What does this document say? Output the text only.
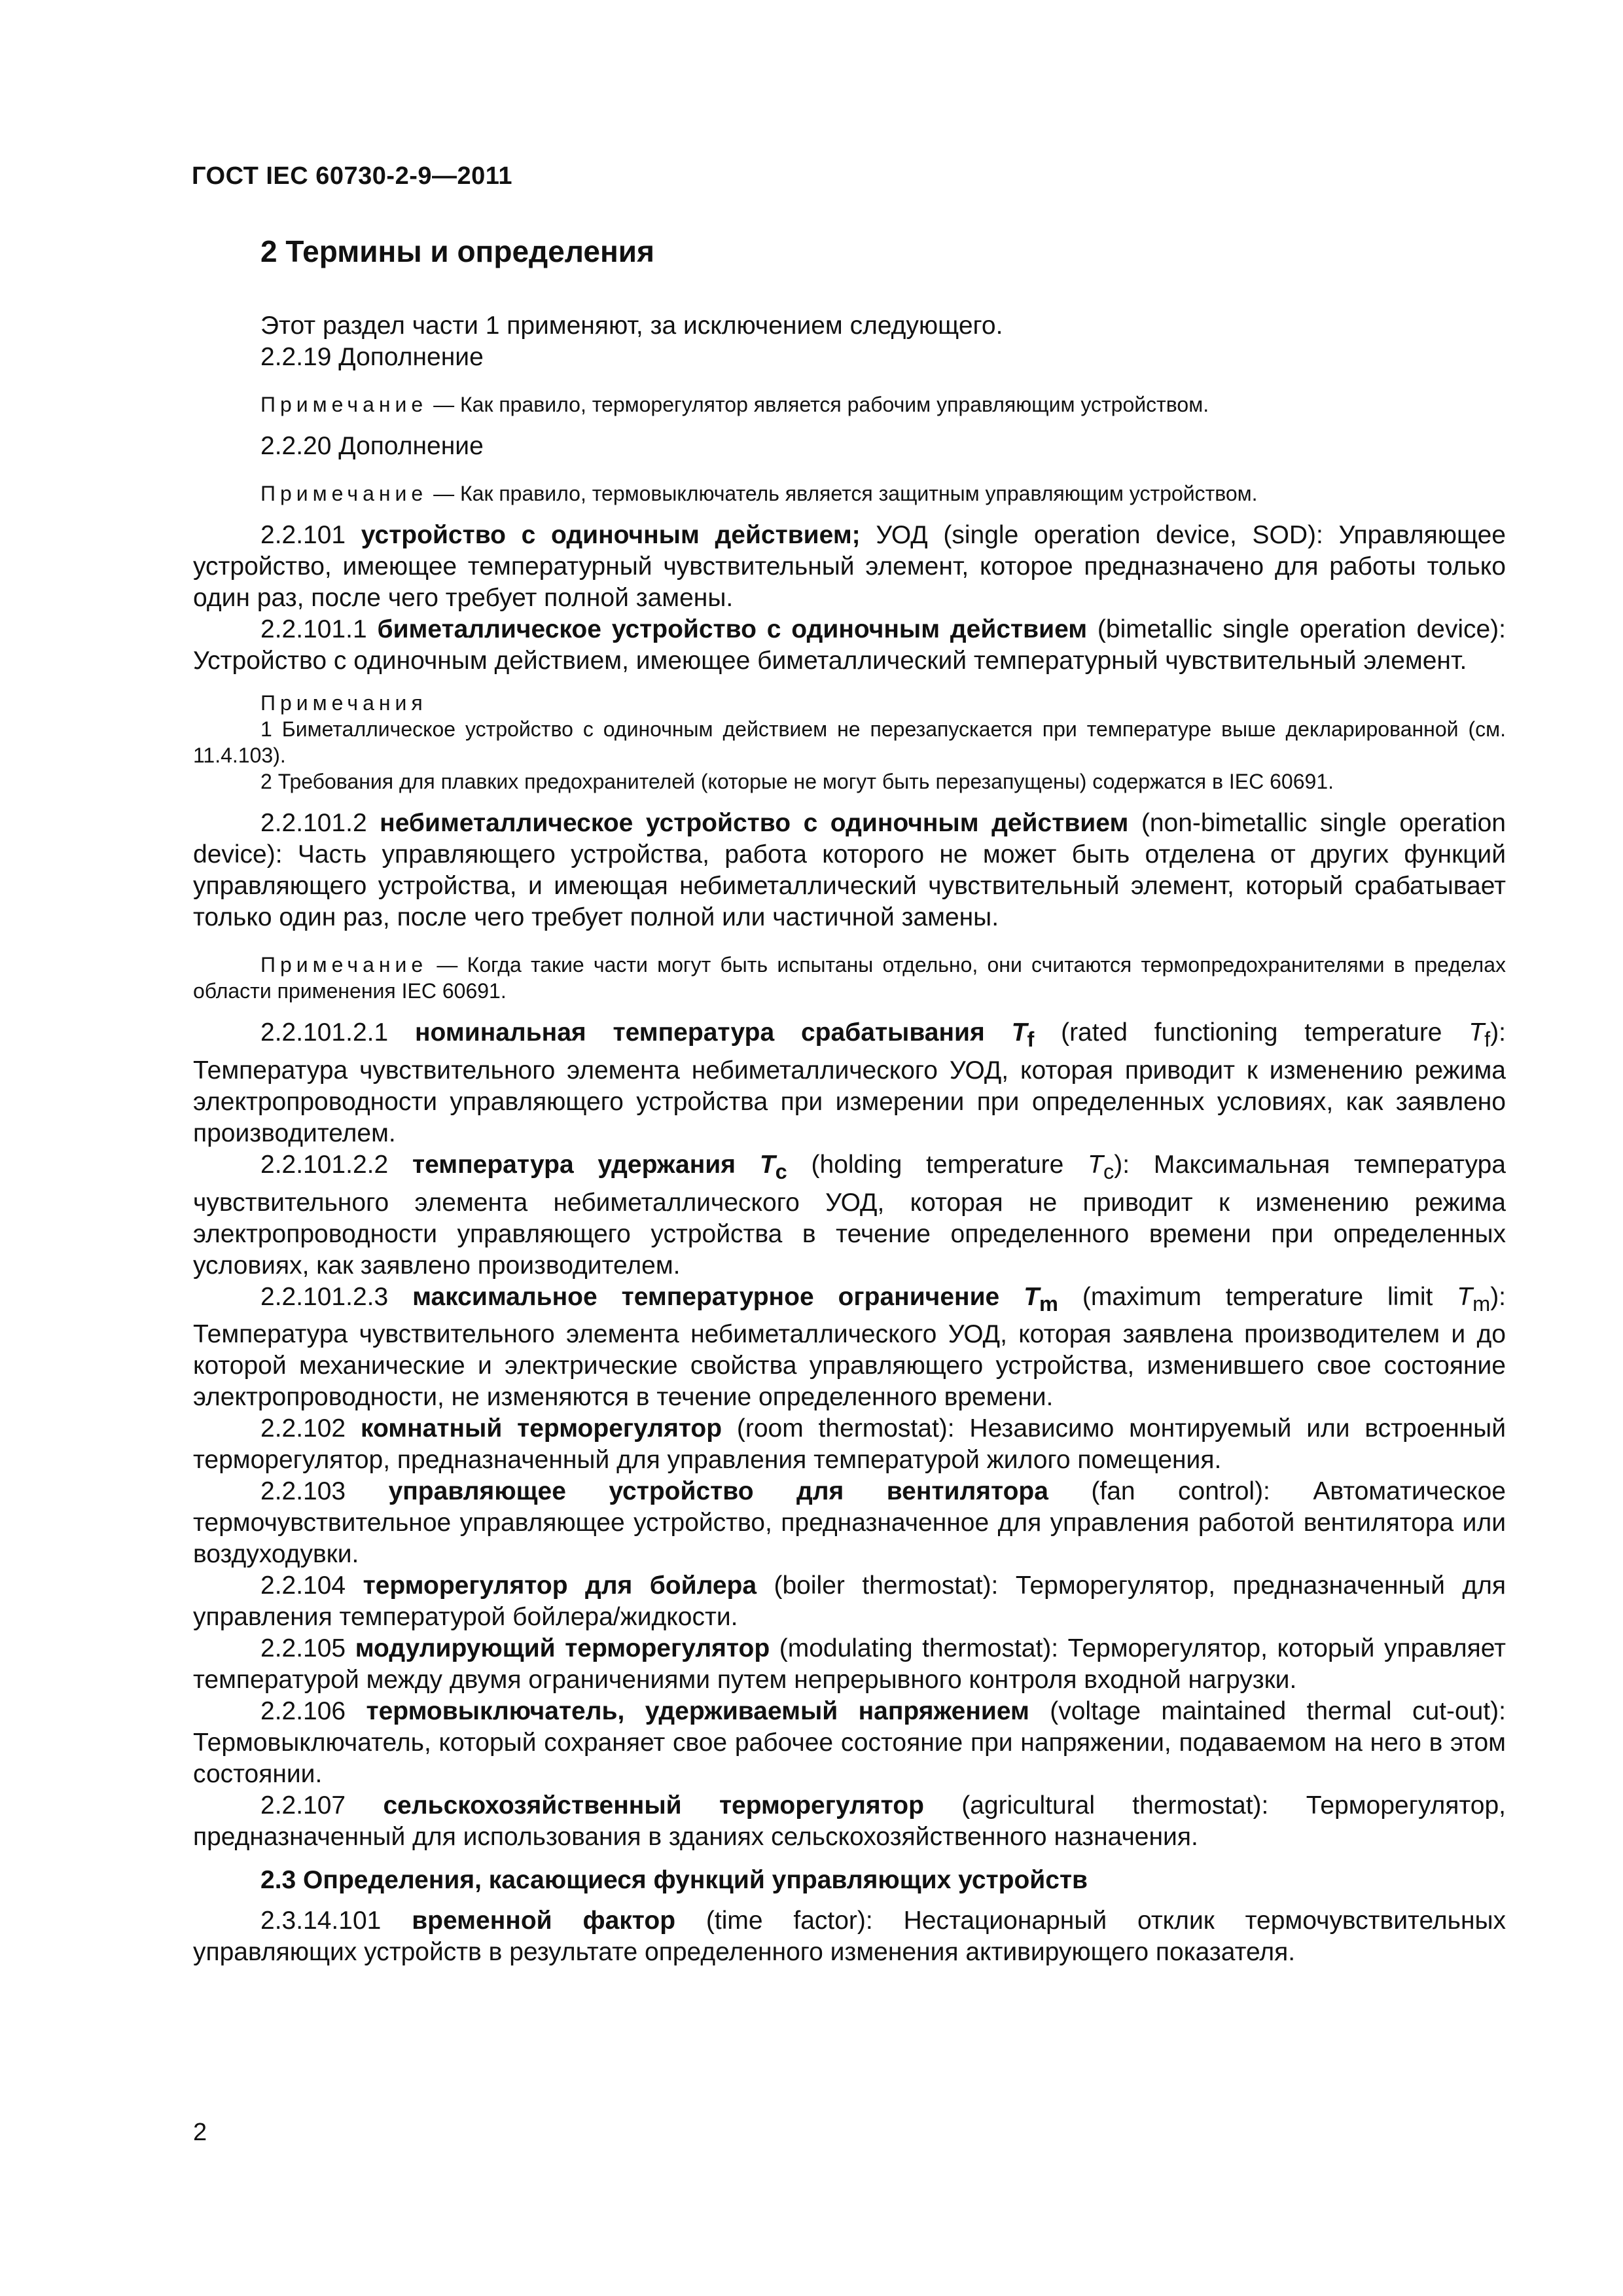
ГОСТ IEC 60730-2-9—2011

2 Термины и определения

Этот раздел части 1 применяют, за исключением следующего.

2.2.19 Дополнение

Примечание — Как правило, терморегулятор является рабочим управляющим устройством.

2.2.20 Дополнение

Примечание — Как правило, термовыключатель является защитным управляющим устройством.

2.2.101 устройство с одиночным действием; УОД (single operation device, SOD): Управляющее устройство, имеющее температурный чувствительный элемент, которое предназначено для работы только один раз, после чего требует полной замены.

2.2.101.1 биметаллическое устройство с одиночным действием (bimetallic single operation device): Устройство с одиночным действием, имеющее биметаллический температурный чувствительный элемент.

Примечания

1 Биметаллическое устройство с одиночным действием не перезапускается при температуре выше декларированной (см. 11.4.103).

2 Требования для плавких предохранителей (которые не могут быть перезапущены) содержатся в IEC 60691.

2.2.101.2 небиметаллическое устройство с одиночным действием (non-bimetallic single operation device): Часть управляющего устройства, работа которого не может быть отделена от других функций управляющего устройства, и имеющая небиметаллический чувствительный элемент, который срабатывает только один раз, после чего требует полной или частичной замены.

Примечание — Когда такие части могут быть испытаны отдельно, они считаются термопредохранителями в пределах области применения IEC 60691.

2.2.101.2.1 номинальная температура срабатывания $T_f$ (rated functioning temperature $T_f$): Температура чувствительного элемента небиметаллического УОД, которая приводит к изменению режима электропроводности управляющего устройства при измерении при определенных условиях, как заявлено производителем.

2.2.101.2.2 температура удержания $T_c$ (holding temperature $T_c$): Максимальная температура чувствительного элемента небиметаллического УОД, которая не приводит к изменению режима электропроводности управляющего устройства в течение определенного времени при определенных условиях, как заявлено производителем.

2.2.101.2.3 максимальное температурное ограничение $T_m$ (maximum temperature limit $T_m$): Температура чувствительного элемента небиметаллического УОД, которая заявлена производителем и до которой механические и электрические свойства управляющего устройства, изменившего свое состояние электропроводности, не изменяются в течение определенного времени.

2.2.102 комнатный терморегулятор (room thermostat): Независимо монтируемый или встроенный терморегулятор, предназначенный для управления температурой жилого помещения.

2.2.103 управляющее устройство для вентилятора (fan control): Автоматическое термочувствительное управляющее устройство, предназначенное для управления работой вентилятора или воздуходувки.

2.2.104 терморегулятор для бойлера (boiler thermostat): Терморегулятор, предназначенный для управления температурой бойлера/жидкости.

2.2.105 модулирующий терморегулятор (modulating thermostat): Терморегулятор, который управляет температурой между двумя ограничениями путем непрерывного контроля входной нагрузки.

2.2.106 термовыключатель, удерживаемый напряжением (voltage maintained thermal cut-out): Термовыключатель, который сохраняет свое рабочее состояние при напряжении, подаваемом на него в этом состоянии.

2.2.107 сельскохозяйственный терморегулятор (agricultural thermostat): Терморегулятор, предназначенный для использования в зданиях сельскохозяйственного назначения.

2.3 Определения, касающиеся функций управляющих устройств

2.3.14.101 временной фактор (time factor): Нестационарный отклик термочувствительных управляющих устройств в результате определенного изменения активирующего показателя.

2
